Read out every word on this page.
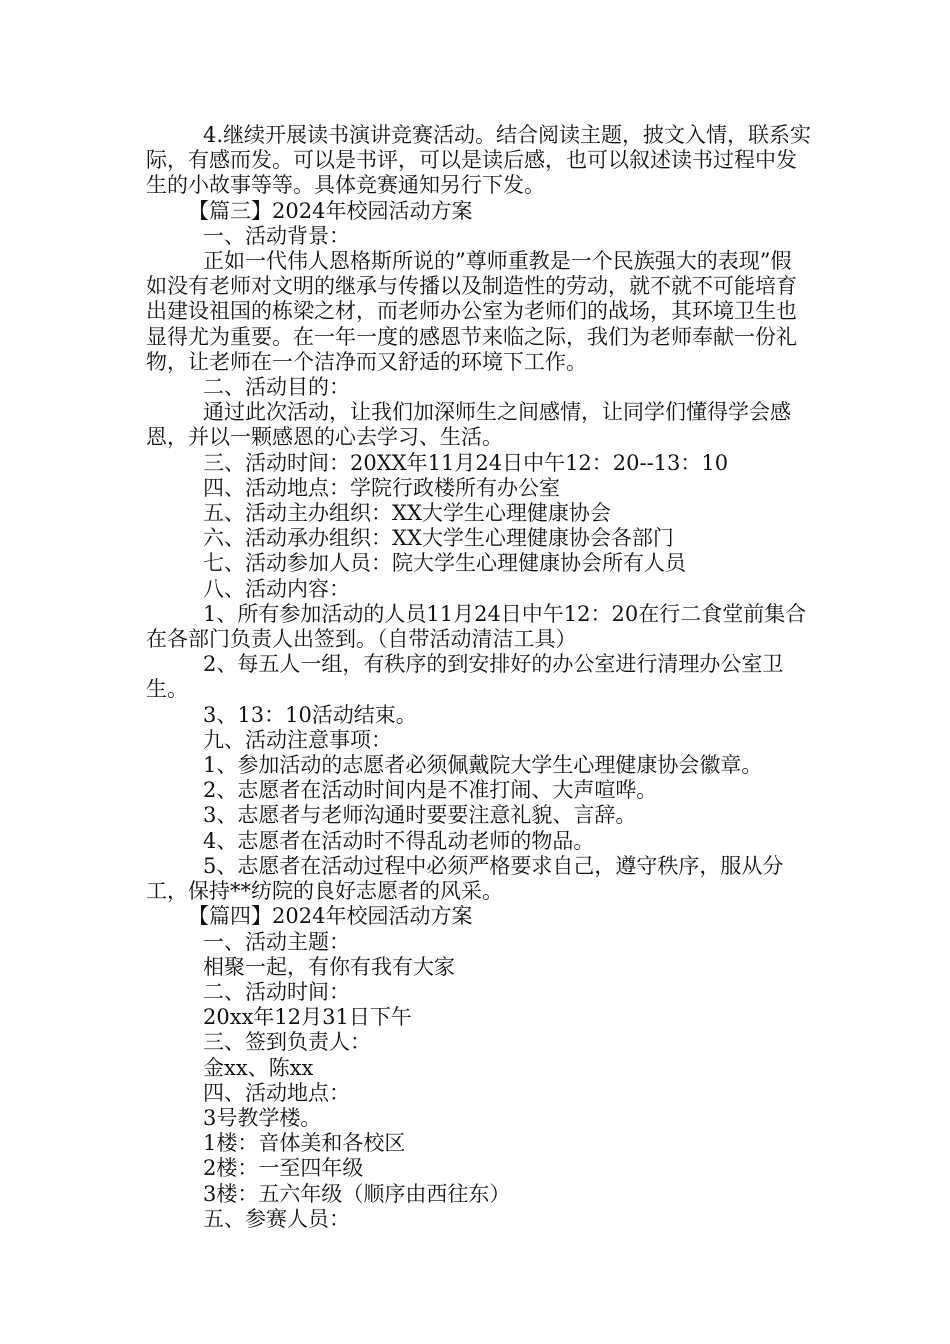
4.继续开展读书演讲竞赛活动。结合阅读主题，披文入情，联系实际，有感而发。可以是书评，可以是读后感，也可以叙述读书过程中发生的小故事等等。具体竞赛通知另行下发。

【篇三】2024年校园活动方案

一、活动背景：

正如一代伟人恩格斯所说的”尊师重教是一个民族强大的表现”假如没有老师对文明的继承与传播以及制造性的劳动，就不就不可能培育出建设祖国的栋梁之材，而老师办公室为老师们的战场，其环境卫生也显得尤为重要。在一年一度的感恩节来临之际，我们为老师奉献一份礼物，让老师在一个洁净而又舒适的环境下工作。

二、活动目的：

通过此次活动，让我们加深师生之间感情，让同学们懂得学会感恩，并以一颗感恩的心去学习、生活。

三、活动时间：20XX年11月24日中午12：20--13：10

四、活动地点：学院行政楼所有办公室

五、活动主办组织：XX大学生心理健康协会

六、活动承办组织：XX大学生心理健康协会各部门

七、活动参加人员：院大学生心理健康协会所有人员

八、活动内容：

1、所有参加活动的人员11月24日中午12：20在行二食堂前集合在各部门负责人出签到。（自带活动清洁工具）

2、每五人一组，有秩序的到安排好的办公室进行清理办公室卫生。

3、13：10活动结束。

九、活动注意事项：

1、参加活动的志愿者必须佩戴院大学生心理健康协会徽章。

2、志愿者在活动时间内是不准打闹、大声喧哗。

3、志愿者与老师沟通时要要注意礼貌、言辞。

4、志愿者在活动时不得乱动老师的物品。

5、志愿者在活动过程中必须严格要求自己，遵守秩序，服从分工，保持**纺院的良好志愿者的风采。

【篇四】2024年校园活动方案

一、活动主题：

相聚一起，有你有我有大家

二、活动时间：

20xx年12月31日下午

三、签到负责人：

金xx、陈xx

四、活动地点：

3号教学楼。

1楼：音体美和各校区

2楼：一至四年级

3楼：五六年级（顺序由西往东）

五、参赛人员：
